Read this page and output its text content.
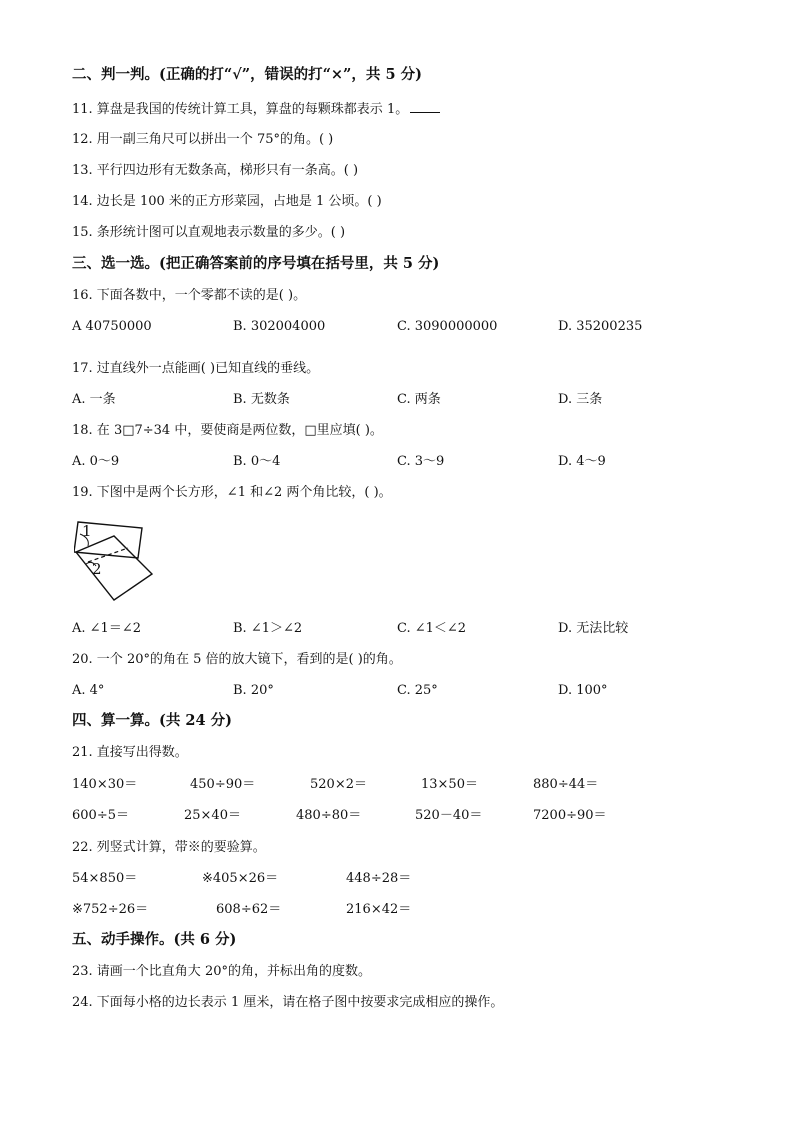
二、判一判。(正确的打“√”，错误的打“×”，共 5 分)
11. 算盘是我国的传统计算工具，算盘的每颗珠都表示 1。
12. 用一副三角尺可以拼出一个 75°的角。( )
13. 平行四边形有无数条高，梯形只有一条高。( )
14. 边长是 100 米的正方形菜园，占地是 1 公顷。( )
15. 条形统计图可以直观地表示数量的多少。( )
三、选一选。(把正确答案前的序号填在括号里，共 5 分)
16. 下面各数中，一个零都不读的是( )。
A 40750000	B. 302004000	C. 3090000000	D. 35200235
17. 过直线外一点能画( )已知直线的垂线。
A. 一条	B. 无数条	C. 两条	D. 三条
18. 在 3□7÷34 中，要使商是两位数，□里应填( )。
A. 0～9	B. 0～4	C. 3～9	D. 4～9
19. 下图中是两个长方形，∠1 和∠2 两个角比较，( )。
1
2
A. ∠1＝∠2	B. ∠1＞∠2	C. ∠1＜∠2	D. 无法比较
20. 一个 20°的角在 5 倍的放大镜下，看到的是( )的角。
A. 4°	B. 20°	C. 25°	D. 100°
四、算一算。(共 24 分)
21. 直接写出得数。
140×30＝	450÷90＝	520×2＝	13×50＝	880÷44＝
600÷5＝	25×40＝	480÷80＝	520－40＝	7200÷90＝
22. 列竖式计算，带※的要验算。
54×850＝	※405×26＝	448÷28＝
※752÷26＝	608÷62＝	216×42＝
五、动手操作。(共 6 分)
23. 请画一个比直角大 20°的角，并标出角的度数。
24. 下面每小格的边长表示 1 厘米，请在格子图中按要求完成相应的操作。
